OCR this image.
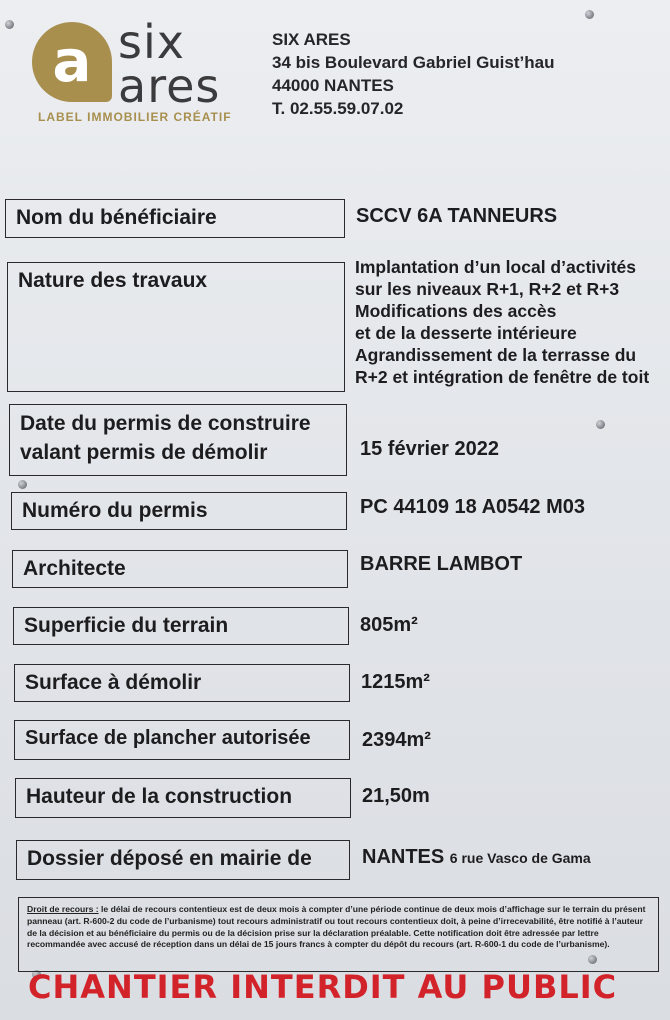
a six
ares
LABEL IMMOBILIER CRÉATIF
SIX ARES
34 bis Boulevard Gabriel Guist’hau
44000 NANTES
T. 02.55.59.07.02
Nom du bénéficiaire	SCCV 6A TANNEURS
Nature des travaux
Implantation d’un local d’activités
sur les niveaux R+1, R+2 et R+3
Modifications des accès
et de la desserte intérieure
Agrandissement de la terrasse du
R+2 et intégration de fenêtre de toit
Date du permis de construire
valant permis de démolir	15 février 2022
Numéro du permis	PC 44109 18 A0542 M03
Architecte	BARRE LAMBOT
Superficie du terrain	805m²
Surface à démolir	1215m²
Surface de plancher autorisée	2394m²
Hauteur de la construction	21,50m
Dossier déposé en mairie de	NANTES 6 rue Vasco de Gama
Droit de recours : le délai de recours contentieux est de deux mois à compter d’une période continue de deux mois d’affichage sur le terrain du présent panneau (art. R-600-2 du code de l’urbanisme) tout recours administratif ou tout recours contentieux doit, à peine d’irrecevabilité, être notifié à l’auteur de la décision et au bénéficiaire du permis ou de la décision prise sur la déclaration préalable. Cette notification doit être adressée par lettre recommandée avec accusé de réception dans un délai de 15 jours francs à compter du dépôt du recours (art. R-600-1 du code de l’urbanisme).
CHANTIER INTERDIT AU PUBLIC
